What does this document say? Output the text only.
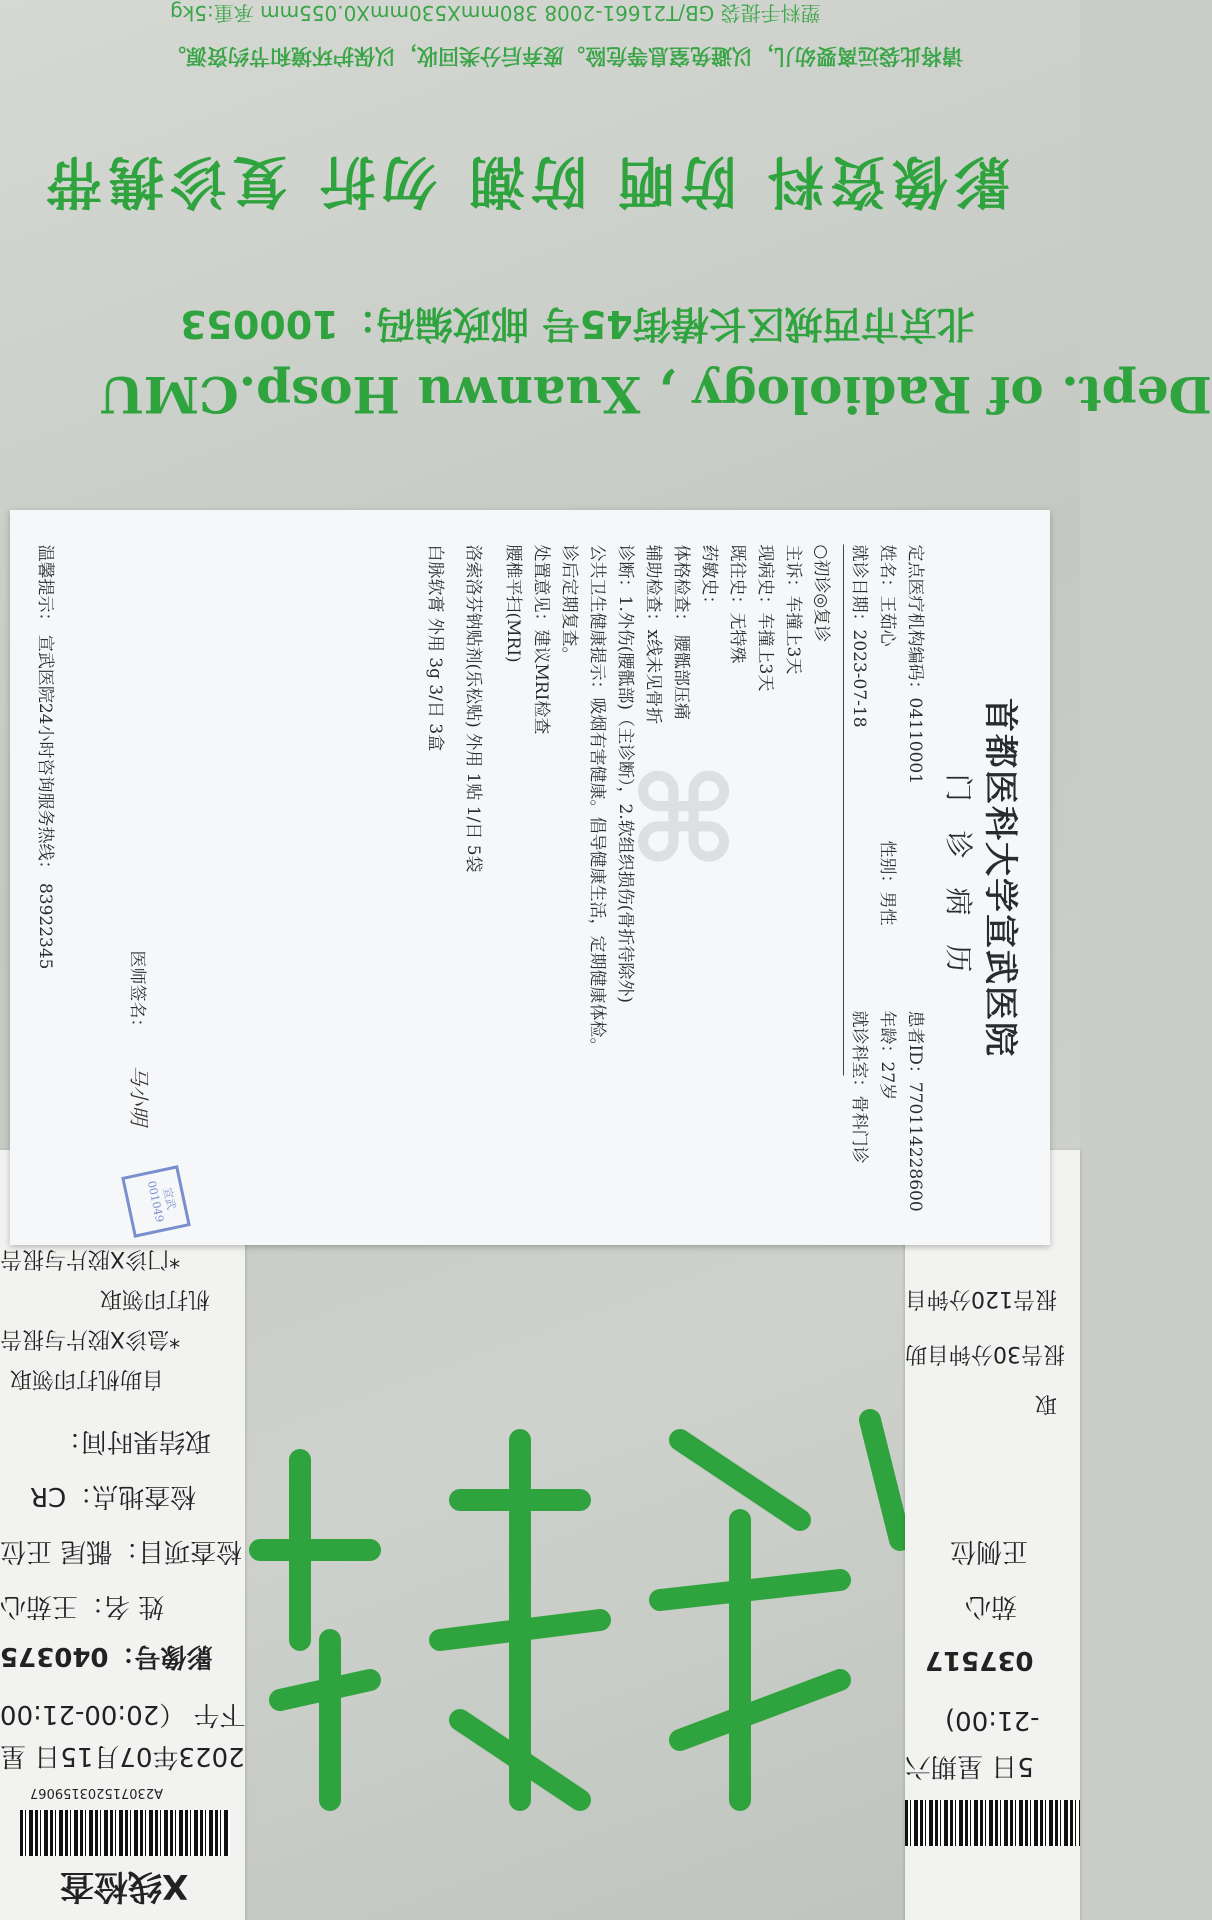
塑料手提袋 GB/T21661-2008 380mmX530mmX0.055mm 承重:5kg
请将此袋远离婴幼儿，以避免窒息等危险。废弃后分类回收，以保护环境和节约资源。
影像资料 防晒 防潮 勿折 复诊携带
北京市西城区长椿街45号 邮政编码：100053
Dept. of Radiology , Xuanwu Hosp.CMU
X线检查
A230715203159067
2023年07月15日 星
下午 （20:00-21:00
影像号：040375
姓 名：王茹心
检查项目：骶尾 正位
检查地点：CR
取结果时间：
自助机打印领取
*急诊X胶片与报告
机打印领取
*门诊X胶片与报告
5日 星期六
-21:00)
037517
茹心
正侧位
取
报告30分钟自助
报告120分钟自
⌘	首都医科大学宣武医院
门 诊 病 历
定点医疗机构编码：04110001
患者ID：770114228600
姓名：王茹心
性别：男性
年龄：27岁
就诊日期：2023-07-18
就诊科室：骨科门诊
○初诊◎复诊
主诉：车撞上3天
现病史：车撞上3天
既往史：无特殊
药敏史：
体格检查： 腰骶部压痛
辅助检查：x线未见骨折
诊断：1.外伤(腰骶部)（主诊断），2.软组织损伤(骨折待除外)
公共卫生健康提示：吸烟有害健康。倡导健康生活，定期健康体检。
诊后定期复查。
处置意见：建议MRI检查
腰椎平扫(MRI)
洛索洛芬钠贴剂(乐松贴) 外用 1贴 1/日 5袋
白脉软膏 外用 3g 3/日 3盒
医师签名：
马小明
宣武 001049
温馨提示： 宣武医院24小时咨询服务热线： 83922345
